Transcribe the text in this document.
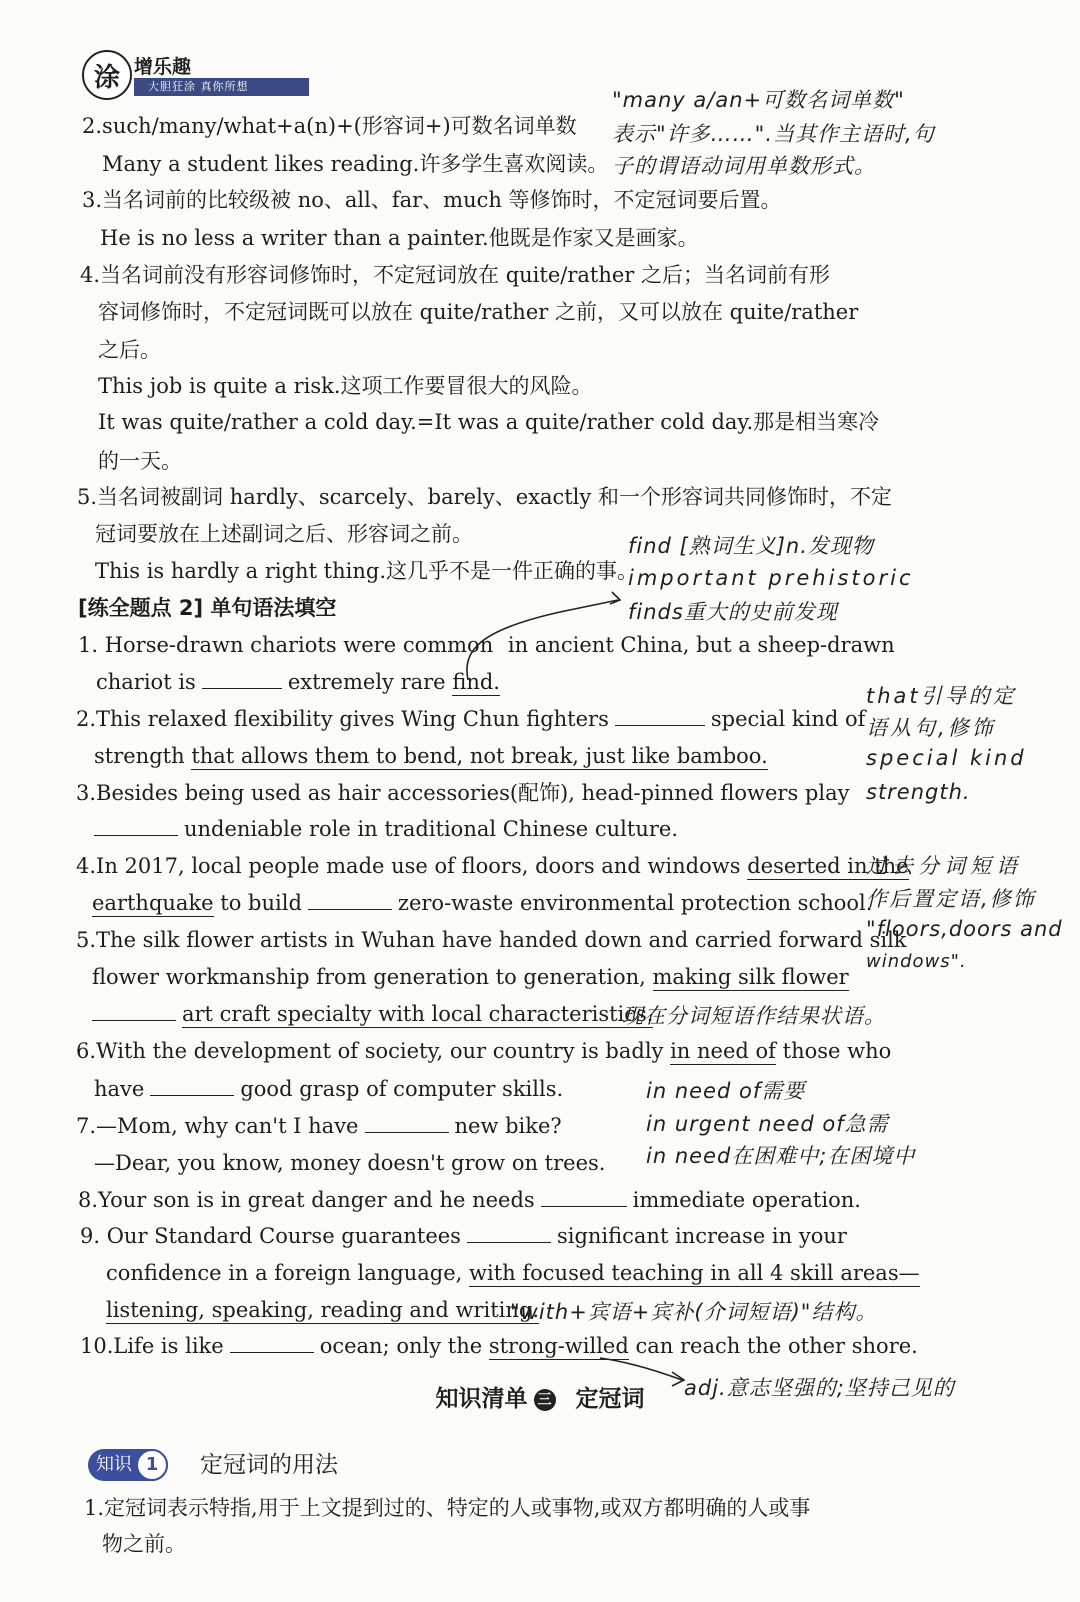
涂 增乐趣
大胆狂涂 真你所想
2.such/many/what+a(n)+(形容词+)可数名词单数
Many a student likes reading.许多学生喜欢阅读。
3.当名词前的比较级被 no、all、far、much 等修饰时，不定冠词要后置。
He is no less a writer than a painter.他既是作家又是画家。
4.当名词前没有形容词修饰时，不定冠词放在 quite/rather 之后；当名词前有形
容词修饰时，不定冠词既可以放在 quite/rather 之前，又可以放在 quite/rather
之后。
This job is quite a risk.这项工作要冒很大的风险。
It was quite/rather a cold day.=It was a quite/rather cold day.那是相当寒冷
的一天。
5.当名词被副词 hardly、scarcely、barely、exactly 和一个形容词共同修饰时，不定
冠词要放在上述副词之后、形容词之前。
This is hardly a right thing.这几乎不是一件正确的事。
[练全题点 2] 单句语法填空
1. Horse-drawn chariots were common in ancient China, but a sheep-drawn
chariot is	extremely rare find.
2.This relaxed flexibility gives Wing Chun fighters	special kind of
strength that allows them to bend, not break, just like bamboo.
3.Besides being used as hair accessories(配饰), head-pinned flowers play
undeniable role in traditional Chinese culture.
4.In 2017, local people made use of floors, doors and windows deserted in the
earthquake to build	zero-waste environmental protection school.
5.The silk flower artists in Wuhan have handed down and carried forward silk
flower workmanship from generation to generation, making silk flower
art craft specialty with local characteristics.
6.With the development of society, our country is badly in need of those who
have	good grasp of computer skills.
7.—Mom, why can't I have	new bike?
—Dear, you know, money doesn't grow on trees.
8.Your son is in great danger and he needs	immediate operation.
9. Our Standard Course guarantees	significant increase in your
confidence in a foreign language, with focused teaching in all 4 skill areas—
listening, speaking, reading and writing.
10.Life is like	ocean; only the strong-willed can reach the other shore.
"many a/an+可数名词单数"
表示"许多……".当其作主语时,句
子的谓语动词用单数形式。
find [熟词生义]n.发现物
important prehistoric
finds重大的史前发现
that引导的定
语从句,修饰
special kind
strength.
过去分词短语
作后置定语,修饰
"floors,doors and
windows".
现在分词短语作结果状语。
in need of需要
in urgent need of急需
in need在困难中;在困境中
"with+宾语+宾补(介词短语)"结构。
adj.意志坚强的;坚持己见的
知识清单 三 定冠词
知识 1	定冠词的用法
1.定冠词表示特指,用于上文提到过的、特定的人或事物,或双方都明确的人或事
物之前。
